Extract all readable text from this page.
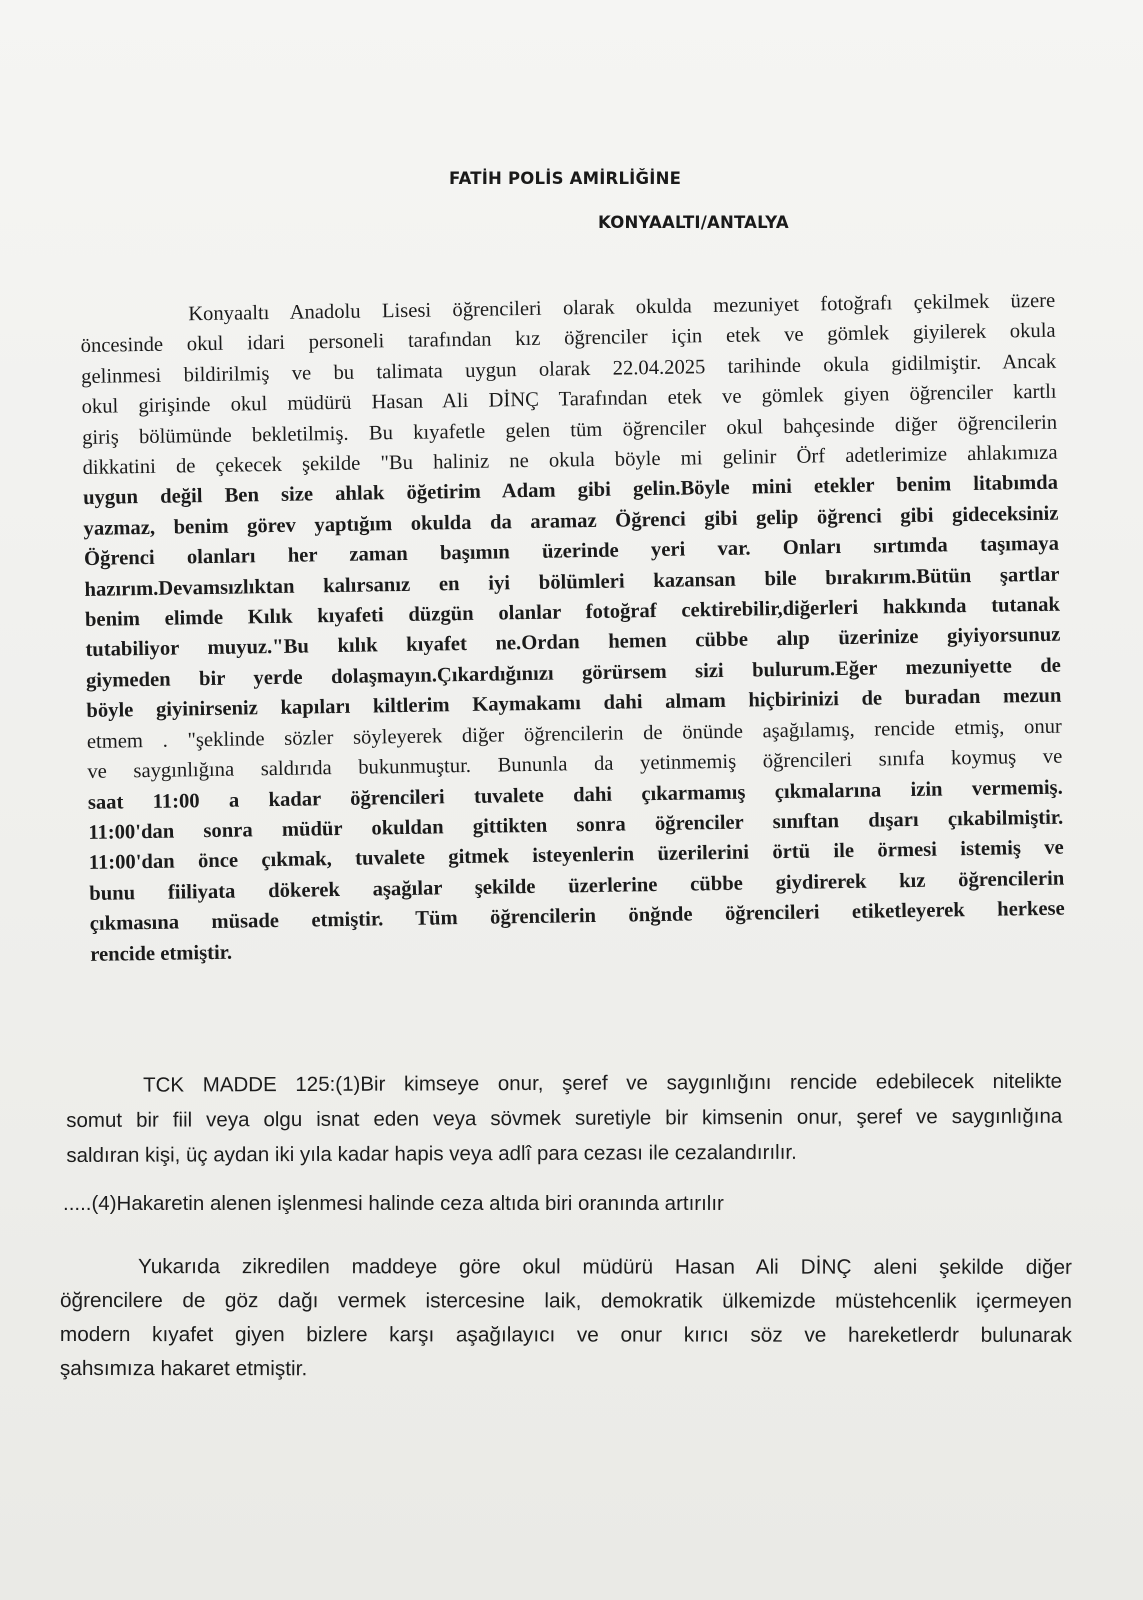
FATİH POLİS AMİRLİĞİNE
KONYAALTI/ANTALYA
Konyaaltı Anadolu Lisesi öğrencileri olarak okulda mezuniyet fotoğrafı çekilmek üzere
öncesinde okul idari personeli tarafından kız öğrenciler için etek ve gömlek giyilerek okula
gelinmesi bildirilmiş ve bu talimata uygun olarak 22.04.2025 tarihinde okula gidilmiştir. Ancak
okul girişinde okul müdürü Hasan Ali DİNÇ Tarafından etek ve gömlek giyen öğrenciler kartlı
giriş bölümünde bekletilmiş. Bu kıyafetle gelen tüm öğrenciler okul bahçesinde diğer öğrencilerin
dikkatini de çekecek şekilde "Bu haliniz ne okula böyle mi gelinir Örf adetlerimize ahlakımıza
uygun değil Ben size ahlak öğetirim Adam gibi gelin.Böyle mini etekler benim litabımda
yazmaz, benim görev yaptığım okulda da aramaz Öğrenci gibi gelip öğrenci gibi gideceksiniz
Öğrenci olanları her zaman başımın üzerinde yeri var. Onları sırtımda taşımaya
hazırım.Devamsızlıktan kalırsanız en iyi bölümleri kazansan bile bırakırım.Bütün şartlar
benim elimde Kılık kıyafeti düzgün olanlar fotoğraf cektirebilir,diğerleri hakkında tutanak
tutabiliyor muyuz."Bu kılık kıyafet ne.Ordan hemen cübbe alıp üzerinize giyiyorsunuz
giymeden bir yerde dolaşmayın.Çıkardığınızı görürsem sizi bulurum.Eğer mezuniyette de
böyle giyinirseniz kapıları kiltlerim Kaymakamı dahi almam hiçbirinizi de buradan mezun
etmem . "şeklinde sözler söyleyerek diğer öğrencilerin de önünde aşağılamış, rencide etmiş, onur
ve saygınlığına saldırıda bukunmuştur. Bununla da yetinmemiş öğrencileri sınıfa koymuş ve
saat 11:00 a kadar öğrencileri tuvalete dahi çıkarmamış çıkmalarına izin vermemiş.
11:00'dan sonra müdür okuldan gittikten sonra öğrenciler sınıftan dışarı çıkabilmiştir.
11:00'dan önce çıkmak, tuvalete gitmek isteyenlerin üzerilerini örtü ile örmesi istemiş ve
bunu fiiliyata dökerek aşağılar şekilde üzerlerine cübbe giydirerek kız öğrencilerin
çıkmasına müsade etmiştir. Tüm öğrencilerin önğnde öğrencileri etiketleyerek herkese
rencide etmiştir.
TCK MADDE 125:(1)Bir kimseye onur, şeref ve saygınlığını rencide edebilecek nitelikte
somut bir fiil veya olgu isnat eden veya sövmek suretiyle bir kimsenin onur, şeref ve saygınlığına
saldıran kişi, üç aydan iki yıla kadar hapis veya adlî para cezası ile cezalandırılır.
.....(4)Hakaretin alenen işlenmesi halinde ceza altıda biri oranında artırılır
Yukarıda zikredilen maddeye göre okul müdürü Hasan Ali DİNÇ aleni şekilde diğer
öğrencilere de göz dağı vermek istercesine laik, demokratik ülkemizde müstehcenlik içermeyen
modern kıyafet giyen bizlere karşı aşağılayıcı ve onur kırıcı söz ve hareketlerdr bulunarak
şahsımıza hakaret etmiştir.
